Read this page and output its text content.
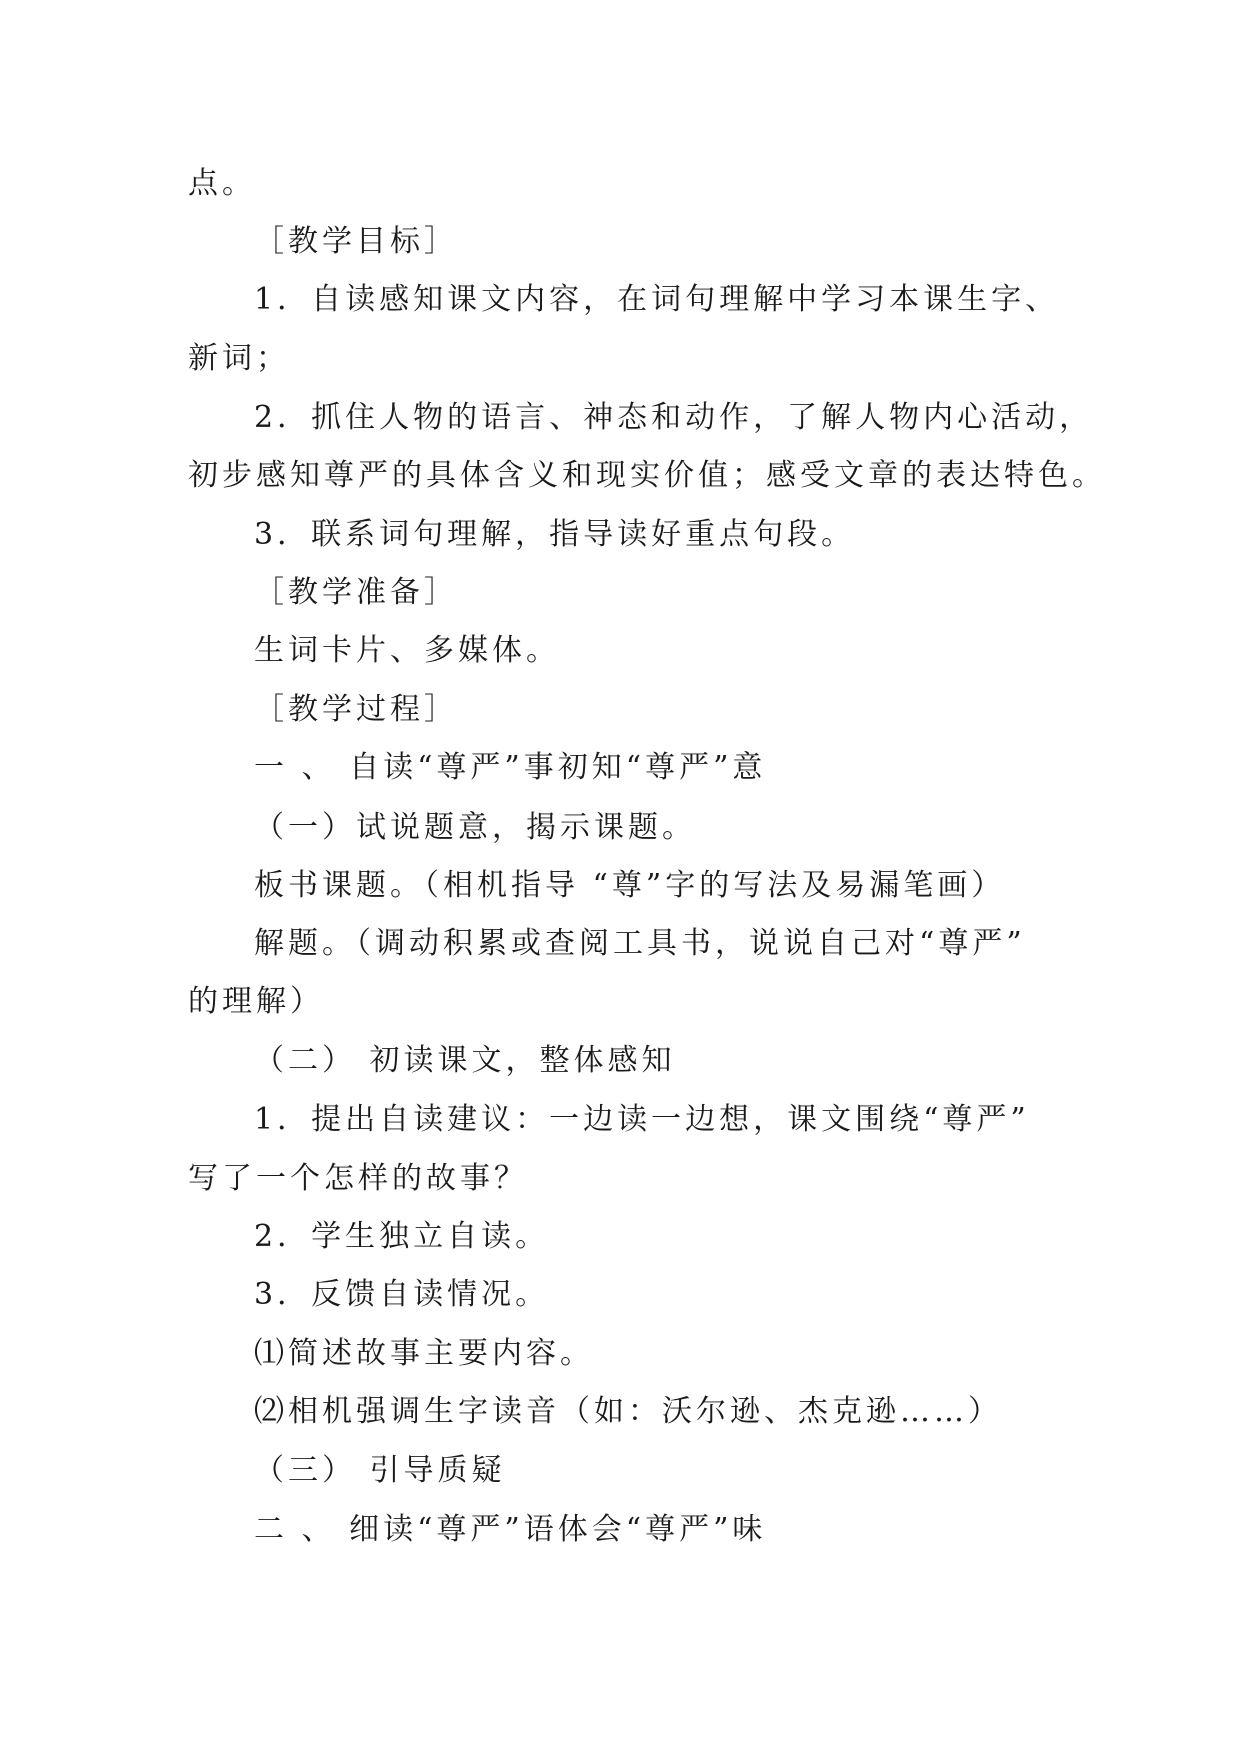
点。
［教学目标］
1．自读感知课文内容，在词句理解中学习本课生字、
新词；
2．抓住人物的语言、神态和动作，了解人物内心活动，
初步感知尊严的具体含义和现实价值；感受文章的表达特色。
3．联系词句理解，指导读好重点句段。
［教学准备］
生词卡片、多媒体。
［教学过程］
一 、 自读“尊严”事初知“尊严”意
（一）试说题意，揭示课题。
板书课题。（相机指导 “尊”字的写法及易漏笔画）
解题。（调动积累或查阅工具书，说说自己对“尊严”
的理解）
（二） 初读课文，整体感知
1．提出自读建议：一边读一边想，课文围绕“尊严”
写了一个怎样的故事？
2．学生独立自读。
3．反馈自读情况。
⑴简述故事主要内容。
⑵相机强调生字读音（如：沃尔逊、杰克逊……）
（三） 引导质疑
二 、 细读“尊严”语体会“尊严”味
